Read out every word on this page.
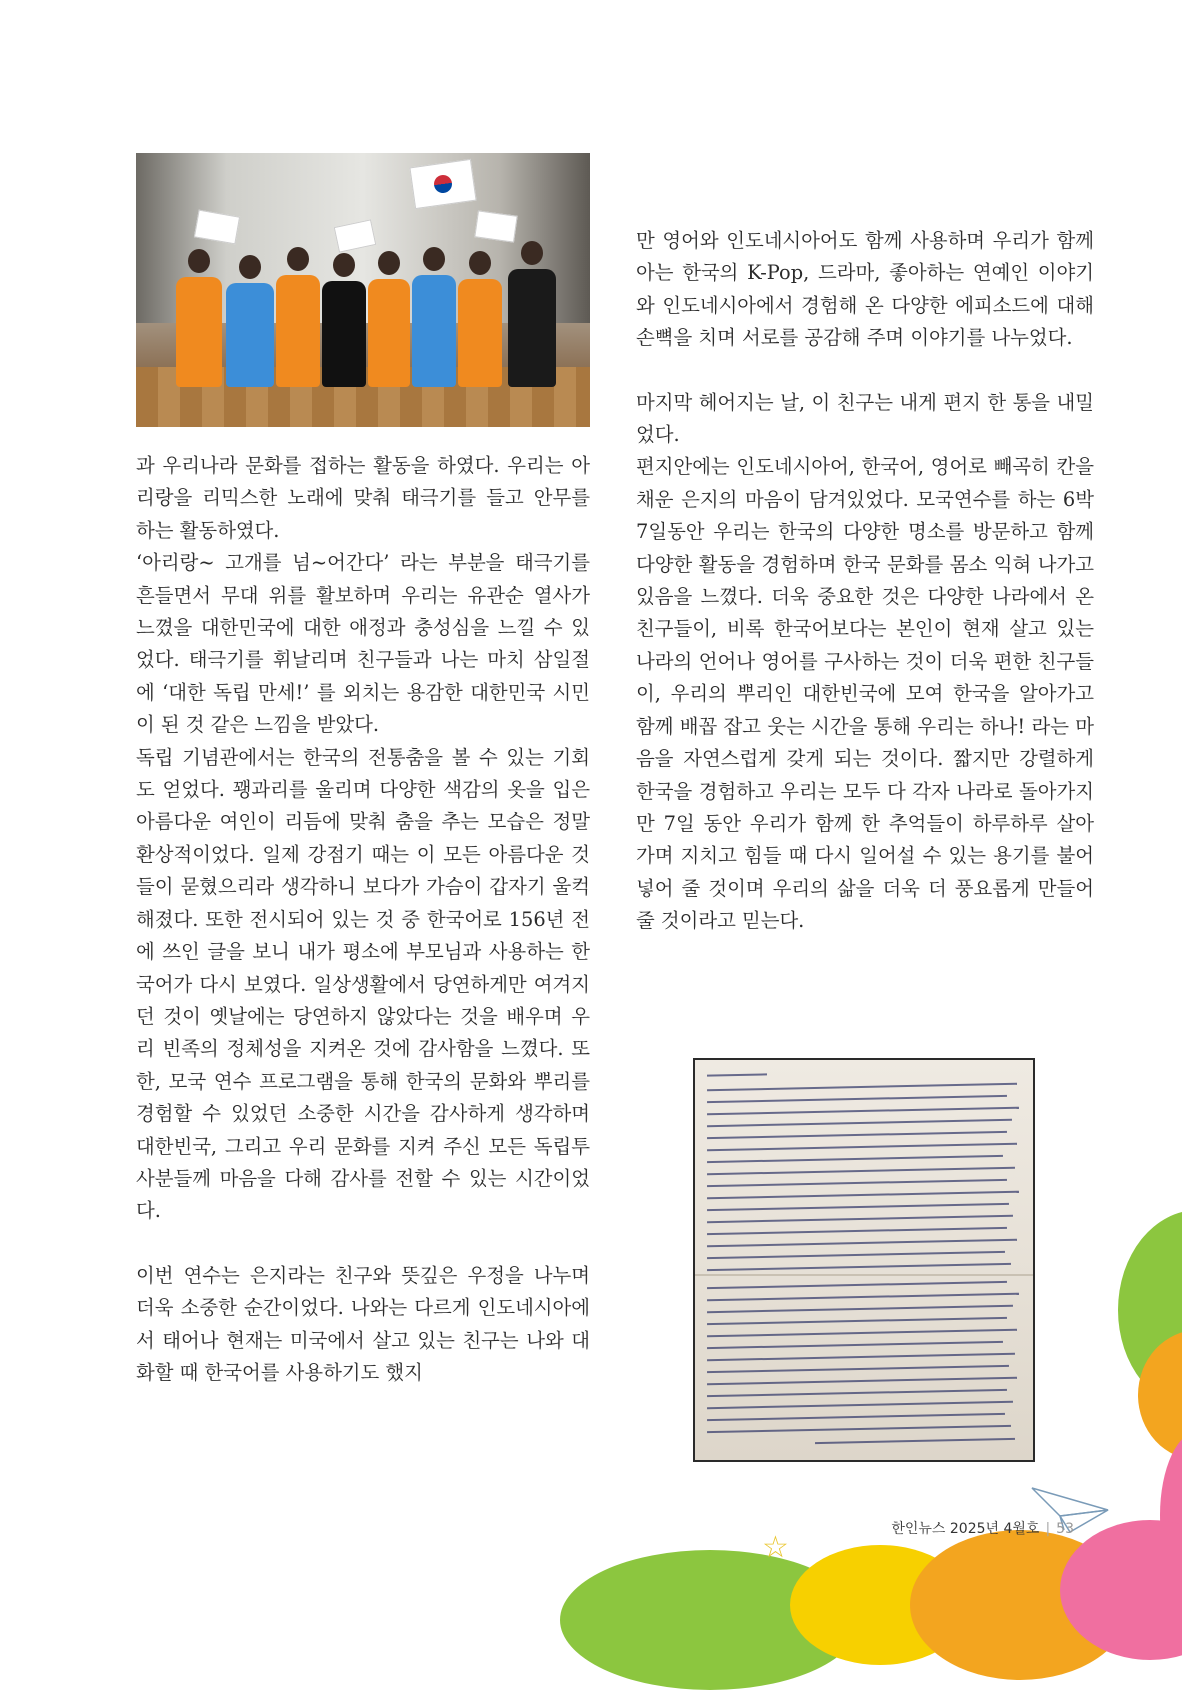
과 우리나라 문화를 접하는 활동을 하였다. 우리는 아리랑을 리믹스한 노래에 맞춰 태극기를 들고 안무를 하는 활동하였다.

‘아리랑~ 고개를 넘~어간다’ 라는 부분을 태극기를 흔들면서 무대 위를 활보하며 우리는 유관순 열사가 느꼈을 대한민국에 대한 애정과 충성심을 느낄 수 있었다. 태극기를 휘날리며 친구들과 나는 마치 삼일절에 ‘대한 독립 만세!’ 를 외치는 용감한 대한민국 시민이 된 것 같은 느낌을 받았다.

독립 기념관에서는 한국의 전통춤을 볼 수 있는 기회도 얻었다. 꽹과리를 울리며 다양한 색감의 옷을 입은 아름다운 여인이 리듬에 맞춰 춤을 추는 모습은 정말 환상적이었다. 일제 강점기 때는 이 모든 아름다운 것들이 묻혔으리라 생각하니 보다가 가슴이 갑자기 울컥해졌다. 또한 전시되어 있는 것 중 한국어로 156년 전에 쓰인 글을 보니 내가 평소에 부모님과 사용하는 한국어가 다시 보였다. 일상생활에서 당연하게만 여겨지던 것이 옛날에는 당연하지 않았다는 것을 배우며 우리 빈족의 정체성을 지켜온 것에 감사함을 느꼈다. 또한, 모국 연수 프로그램을 통해 한국의 문화와 뿌리를 경험할 수 있었던 소중한 시간을 감사하게 생각하며 대한빈국, 그리고 우리 문화를 지켜 주신 모든 독립투사분들께 마음을 다해 감사를 전할 수 있는 시간이었다.

이번 연수는 은지라는 친구와 뜻깊은 우정을 나누며 더욱 소중한 순간이었다. 나와는 다르게 인도네시아에서 태어나 현재는 미국에서 살고 있는 친구는 나와 대화할 때 한국어를 사용하기도 했지

만 영어와 인도네시아어도 함께 사용하며 우리가 함께 아는 한국의 K-Pop, 드라마, 좋아하는 연예인 이야기와 인도네시아에서 경험해 온 다양한 에피소드에 대해 손뼉을 치며 서로를 공감해 주며 이야기를 나누었다.

마지막 헤어지는 날, 이 친구는 내게 편지 한 통을 내밀었다.

편지안에는 인도네시아어, 한국어, 영어로 빼곡히 칸을 채운 은지의 마음이 담겨있었다. 모국연수를 하는 6박 7일동안 우리는 한국의 다양한 명소를 방문하고 함께 다양한 활동을 경험하며 한국 문화를 몸소 익혀 나가고 있음을 느꼈다. 더욱 중요한 것은 다양한 나라에서 온 친구들이, 비록 한국어보다는 본인이 현재 살고 있는 나라의 언어나 영어를 구사하는 것이 더욱 편한 친구들이, 우리의 뿌리인 대한빈국에 모여 한국을 알아가고 함께 배꼽 잡고 웃는 시간을 통해 우리는 하나! 라는 마음을 자연스럽게 갖게 되는 것이다. 짧지만 강렬하게 한국을 경험하고 우리는 모두 다 각자 나라로 돌아가지만 7일 동안 우리가 함께 한 추억들이 하루하루 살아 가며 지치고 힘들 때 다시 일어설 수 있는 용기를 불어넣어 줄 것이며 우리의 삶을 더욱 더 풍요롭게 만들어 줄 것이라고 믿는다.

☆
한인뉴스 2025년 4월호 | 53
